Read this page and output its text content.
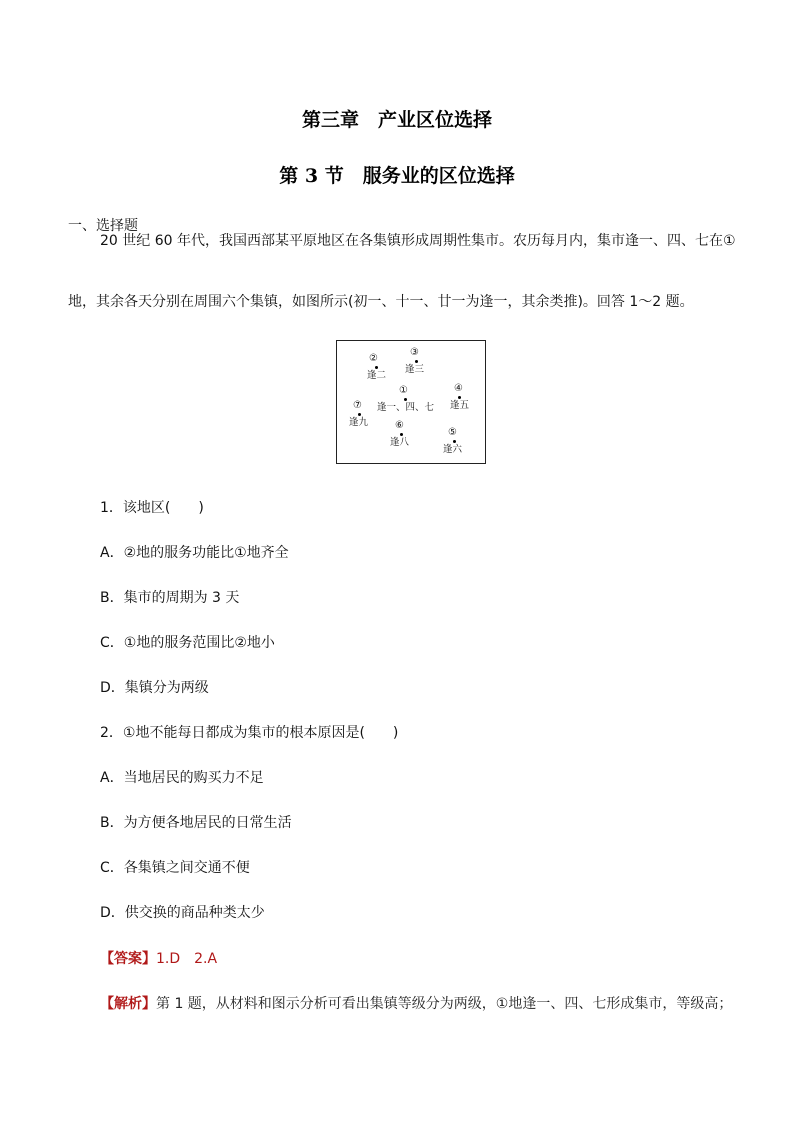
第三章　产业区位选择
第 3 节　服务业的区位选择
一、选择题
20 世纪 60 年代，我国西部某平原地区在各集镇形成周期性集市。农历每月内，集市逢一、四、七在①
地，其余各天分别在周围六个集镇，如图所示(初一、十一、廿一为逢一，其余类推)。回答 1～2 题。
②
逢二
③
逢三
①
逢一、四、七
④
逢五
⑦
逢九	⑥
逢八
⑤
逢六
1．该地区(　　)
A．②地的服务功能比①地齐全
B．集市的周期为 3 天
C．①地的服务范围比②地小
D．集镇分为两级
2．①地不能每日都成为集市的根本原因是(　　)
A．当地居民的购买力不足
B．为方便各地居民的日常生活
C．各集镇之间交通不便
D．供交换的商品种类太少
【答案】1.D　2.A
【解析】第 1 题，从材料和图示分析可看出集镇等级分为两级，①地逢一、四、七形成集市，等级高；
